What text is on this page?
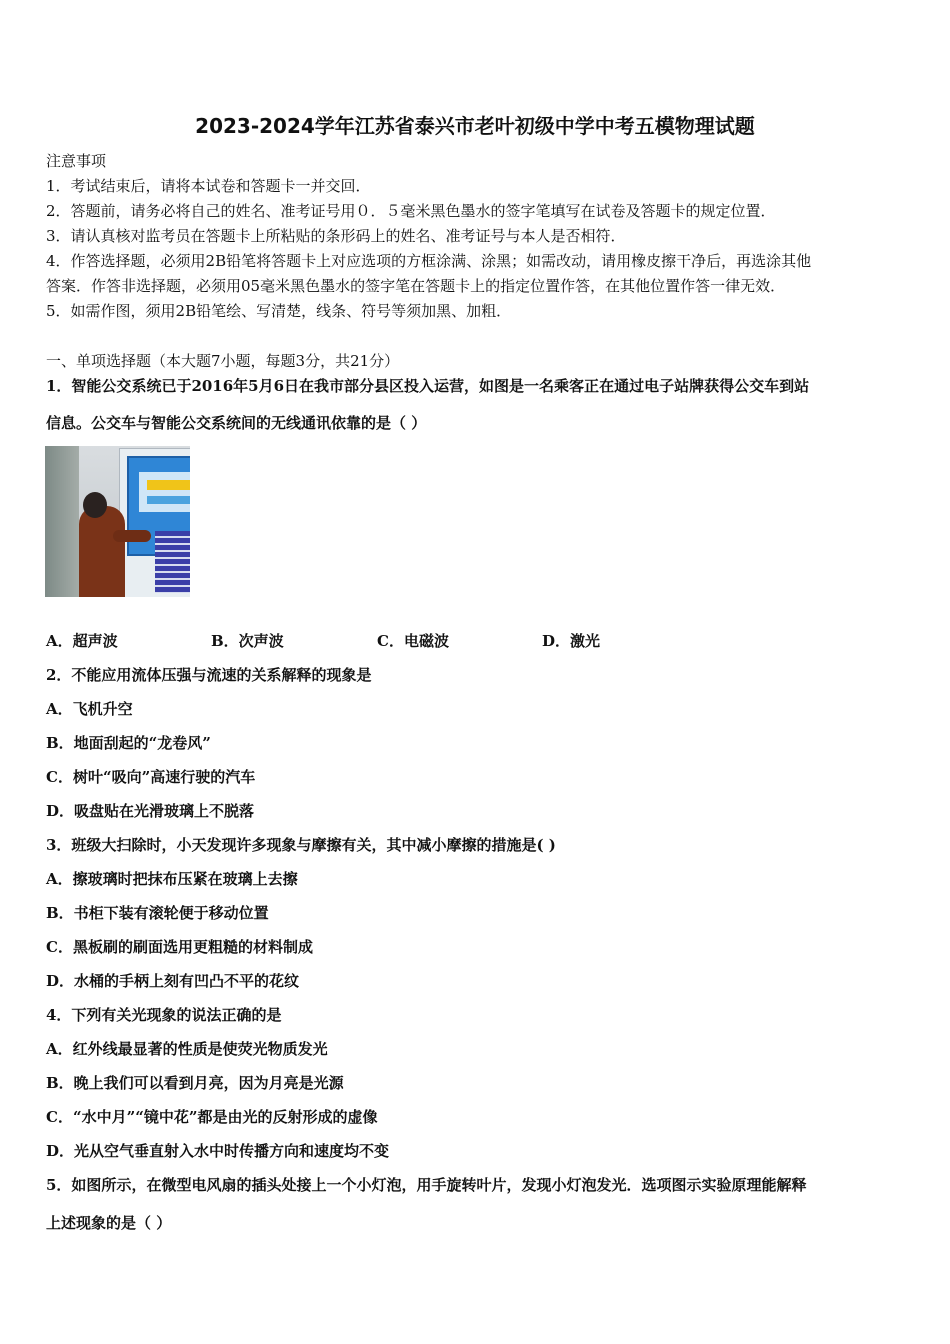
2023-2024学年江苏省泰兴市老叶初级中学中考五模物理试题
注意事项
1．考试结束后，请将本试卷和答题卡一并交回．
2．答题前，请务必将自己的姓名、准考证号用０．５毫米黑色墨水的签字笔填写在试卷及答题卡的规定位置．
3．请认真核对监考员在答题卡上所粘贴的条形码上的姓名、准考证号与本人是否相符．
4．作答选择题，必须用2B铅笔将答题卡上对应选项的方框涂满、涂黑；如需改动，请用橡皮擦干净后，再选涂其他
答案．作答非选择题，必须用05毫米黑色墨水的签字笔在答题卡上的指定位置作答，在其他位置作答一律无效．
5．如需作图，须用2B铅笔绘、写清楚，线条、符号等须加黑、加粗．
一、单项选择题（本大题7小题，每题3分，共21分）
1．智能公交系统已于2016年5月6日在我市部分县区投入运营，如图是一名乘客正在通过电子站牌获得公交车到站
信息。公交车与智能公交系统间的无线通讯依靠的是（ ）
A．超声波	B．次声波	C．电磁波	D．激光
2．不能应用流体压强与流速的关系解释的现象是
A．飞机升空
B．地面刮起的“龙卷风”
C．树叶“吸向”高速行驶的汽车
D．吸盘贴在光滑玻璃上不脱落
3．班级大扫除时，小天发现许多现象与摩擦有关，其中减小摩擦的措施是( )
A．擦玻璃时把抹布压紧在玻璃上去擦
B．书柜下装有滚轮便于移动位置
C．黑板刷的刷面选用更粗糙的材料制成
D．水桶的手柄上刻有凹凸不平的花纹
4．下列有关光现象的说法正确的是
A．红外线最显著的性质是使荧光物质发光
B．晚上我们可以看到月亮，因为月亮是光源
C．“水中月”“镜中花”都是由光的反射形成的虚像
D．光从空气垂直射入水中时传播方向和速度均不变
5．如图所示，在微型电风扇的插头处接上一个小灯泡，用手旋转叶片，发现小灯泡发光．选项图示实验原理能解释
上述现象的是（ ）
